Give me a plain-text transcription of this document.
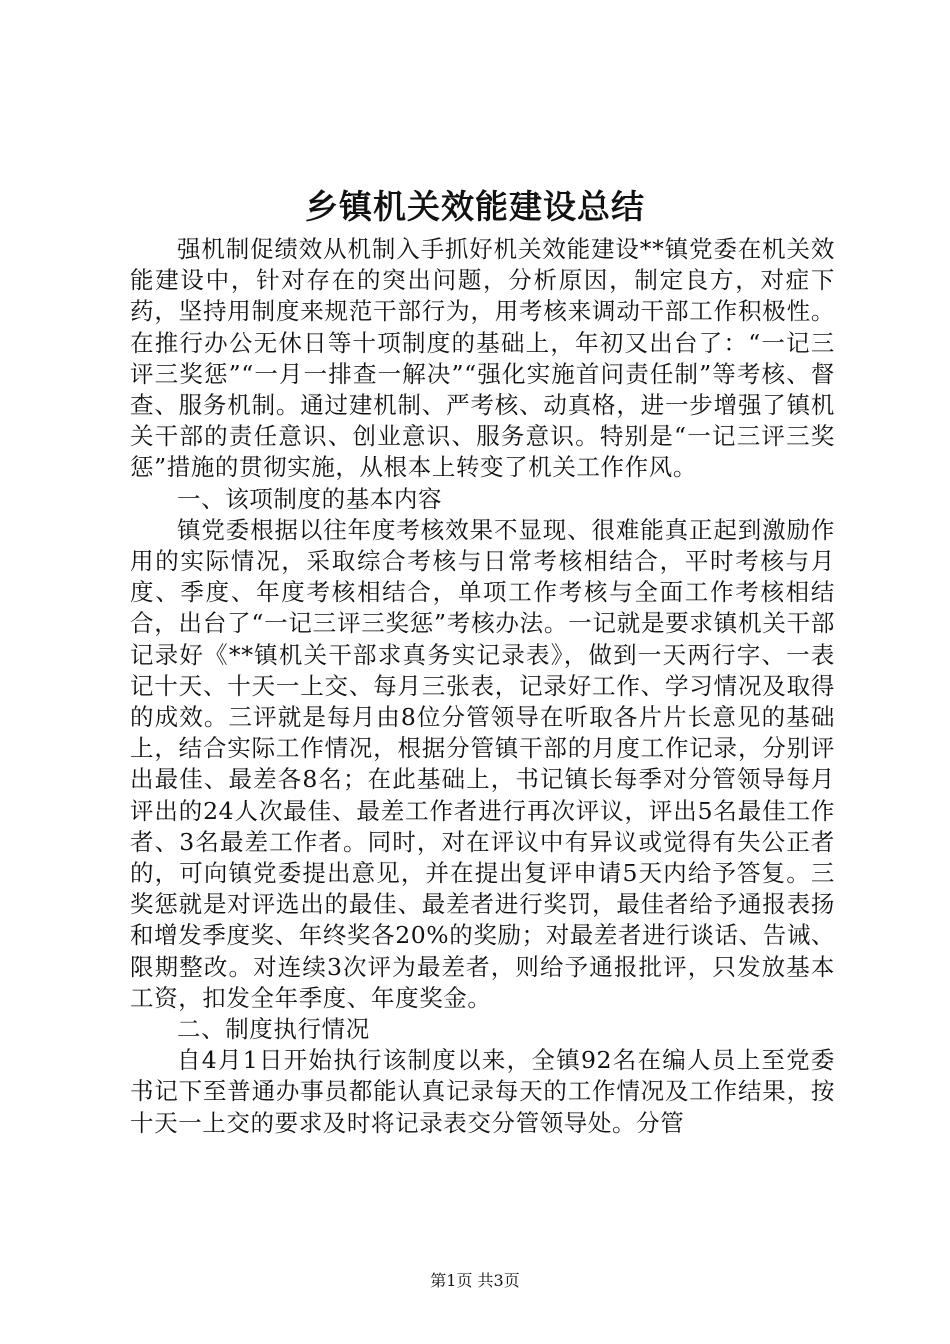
乡镇机关效能建设总结

强机制促绩效从机制入手抓好机关效能建设**镇党委在机关效能建设中，针对存在的突出问题，分析原因，制定良方，对症下药，坚持用制度来规范干部行为，用考核来调动干部工作积极性。在推行办公无休日等十项制度的基础上，年初又出台了：“一记三评三奖惩”“一月一排查一解决”“强化实施首问责任制”等考核、督查、服务机制。通过建机制、严考核、动真格，进一步增强了镇机关干部的责任意识、创业意识、服务意识。特别是“一记三评三奖惩”措施的贯彻实施，从根本上转变了机关工作作风。

一、该项制度的基本内容

镇党委根据以往年度考核效果不显现、很难能真正起到激励作用的实际情况，采取综合考核与日常考核相结合，平时考核与月度、季度、年度考核相结合，单项工作考核与全面工作考核相结合，出台了“一记三评三奖惩”考核办法。一记就是要求镇机关干部记录好《**镇机关干部求真务实记录表》，做到一天两行字、一表记十天、十天一上交、每月三张表，记录好工作、学习情况及取得的成效。三评就是每月由8位分管领导在听取各片片长意见的基础上，结合实际工作情况，根据分管镇干部的月度工作记录，分别评出最佳、最差各8名；在此基础上，书记镇长每季对分管领导每月评出的24人次最佳、最差工作者进行再次评议，评出5名最佳工作者、3名最差工作者。同时，对在评议中有异议或觉得有失公正者的，可向镇党委提出意见，并在提出复评申请5天内给予答复。三奖惩就是对评选出的最佳、最差者进行奖罚，最佳者给予通报表扬和增发季度奖、年终奖各20%的奖励；对最差者进行谈话、告诫、限期整改。对连续3次评为最差者，则给予通报批评，只发放基本工资，扣发全年季度、年度奖金。

二、制度执行情况

自4月1日开始执行该制度以来，全镇92名在编人员上至党委书记下至普通办事员都能认真记录每天的工作情况及工作结果，按十天一上交的要求及时将记录表交分管领导处。分管

第1页 共3页
